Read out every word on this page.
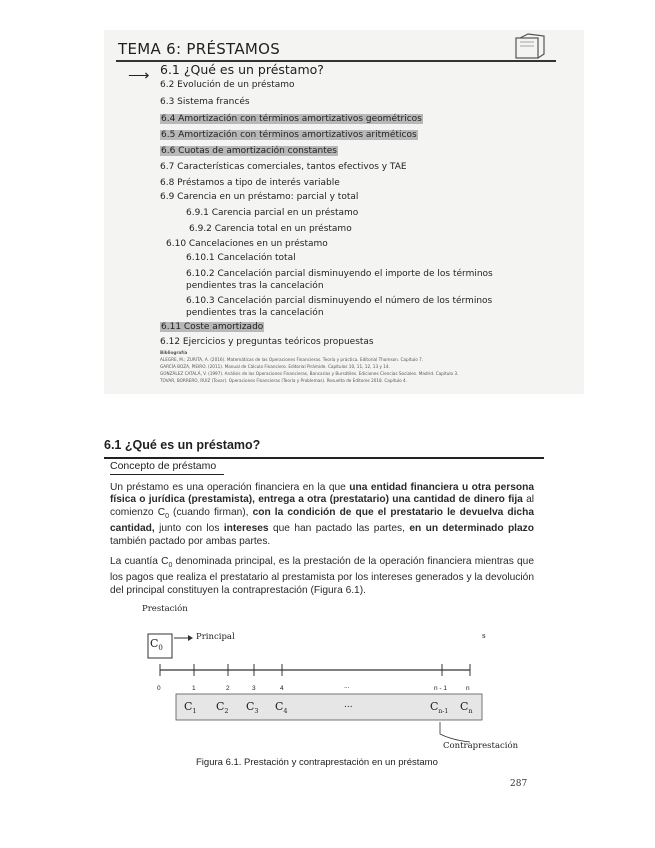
TEMA 6: PRÉSTAMOS
⟶ 6.1 ¿Qué es un préstamo?
6.2 Evolución de un préstamo
6.3 Sistema francés
6.4 Amortización con términos amortizativos geométricos
6.5 Amortización con términos amortizativos aritméticos
6.6 Cuotas de amortización constantes
6.7 Características comerciales, tantos efectivos y TAE
6.8 Préstamos a tipo de interés variable
6.9 Carencia en un préstamo: parcial y total
6.9.1 Carencia parcial en un préstamo
6.9.2 Carencia total en un préstamo
6.10 Cancelaciones en un préstamo
6.10.1 Cancelación total
6.10.2 Cancelación parcial disminuyendo el importe de los términos
pendientes tras la cancelación
6.10.3 Cancelación parcial disminuyendo el número de los términos
pendientes tras la cancelación
6.11 Coste amortizado
6.12 Ejercicios y preguntas teóricos propuestas
Bibliografía
ALEGRE, M.; ZURITA, A. (2016). Matemáticas de las Operaciones Financieras. Teoría y práctica. Editorial Thomson. Capítulo 7.
GARCÍA BOZA, PIEIRO. (2011). Manual de Cálculo Financiero. Editorial Pirámide. Capítulos 10, 11, 12, 13 y 14.
GONZÁLEZ CATALÁ, V. (1997). Análisis de las Operaciones Financieras, Bancarias y Bursátiles. Ediciones Ciencias Sociales. Madrid. Capítulo 3.
TOVAR, BORRERO, RUIZ (Tovar). Operaciones Financieras (Teoría y Problemas). Resuelta de Editores 2018. Capítulo 4.
6.1 ¿Qué es un préstamo?
Concepto de préstamo
Un préstamo es una operación financiera en la que una entidad financiera u otra persona física o jurídica (prestamista), entrega a otra (prestatario) una cantidad de dinero fija al comienzo $C_0$ (cuando firman), con la condición de que el prestatario le devuelva dicha cantidad, junto con los intereses que han pactado las partes, en un determinado plazo también pactado por ambas partes.
La cuantía $C_0$ denominada principal, es la prestación de la operación financiera mientras que los pagos que realiza el prestatario al prestamista por los intereses generados y la devolución del principal constituyen la contraprestación (Figura 6.1).
Prestación
$C_0$
Principal	s
0	1	2	3	4	...	n - 1	n
$C_1$ $C_2$ $C_3$ $C_4$
...	$C_{n-1}$ $C_n$
Contraprestación
Figura 6.1. Prestación y contraprestación en un préstamo
287
